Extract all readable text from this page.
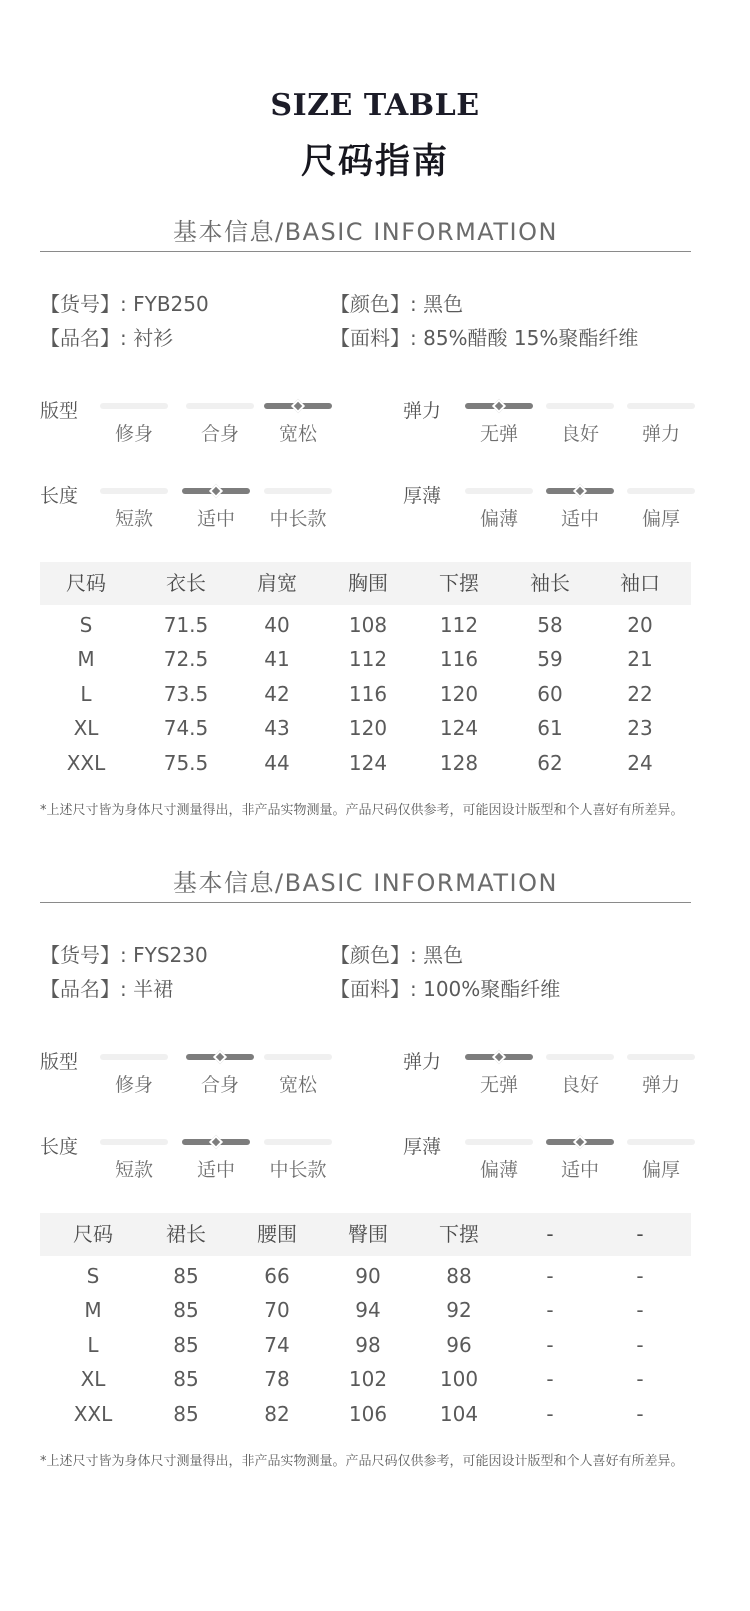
SIZE TABLE
尺码指南
基本信息/BASIC INFORMATION
【货号】: FYB250	【颜色】: 黑色
【品名】: 衬衫	【面料】: 85%醋酸 15%聚酯纤维
版型
修身	合身	宽松
弹力
无弹	良好	弹力
长度
短款	适中	中长款
厚薄
偏薄	适中	偏厚
尺码	衣长	肩宽	胸围	下摆	袖长	袖口
S	71.5	40	108	112	58	20
M	72.5	41	112	116	59	21
L	73.5	42	116	120	60	22
XL	74.5	43	120	124	61	23
XXL	75.5	44	124	128	62	24
*上述尺寸皆为身体尺寸测量得出，非产品实物测量。产品尺码仅供参考，可能因设计版型和个人喜好有所差异。
基本信息/BASIC INFORMATION
【货号】: FYS230	【颜色】: 黑色
【品名】: 半裙	【面料】: 100%聚酯纤维
版型
修身	合身	宽松
弹力
无弹	良好	弹力
长度
短款	适中	中长款
厚薄
偏薄	适中	偏厚
尺码	裙长	腰围	臀围	下摆	-	-
S	85	66	90	88	-	-
M	85	70	94	92	-	-
L	85	74	98	96	-	-
XL	85	78	102	100	-	-
XXL	85	82	106	104	-	-
*上述尺寸皆为身体尺寸测量得出，非产品实物测量。产品尺码仅供参考，可能因设计版型和个人喜好有所差异。
